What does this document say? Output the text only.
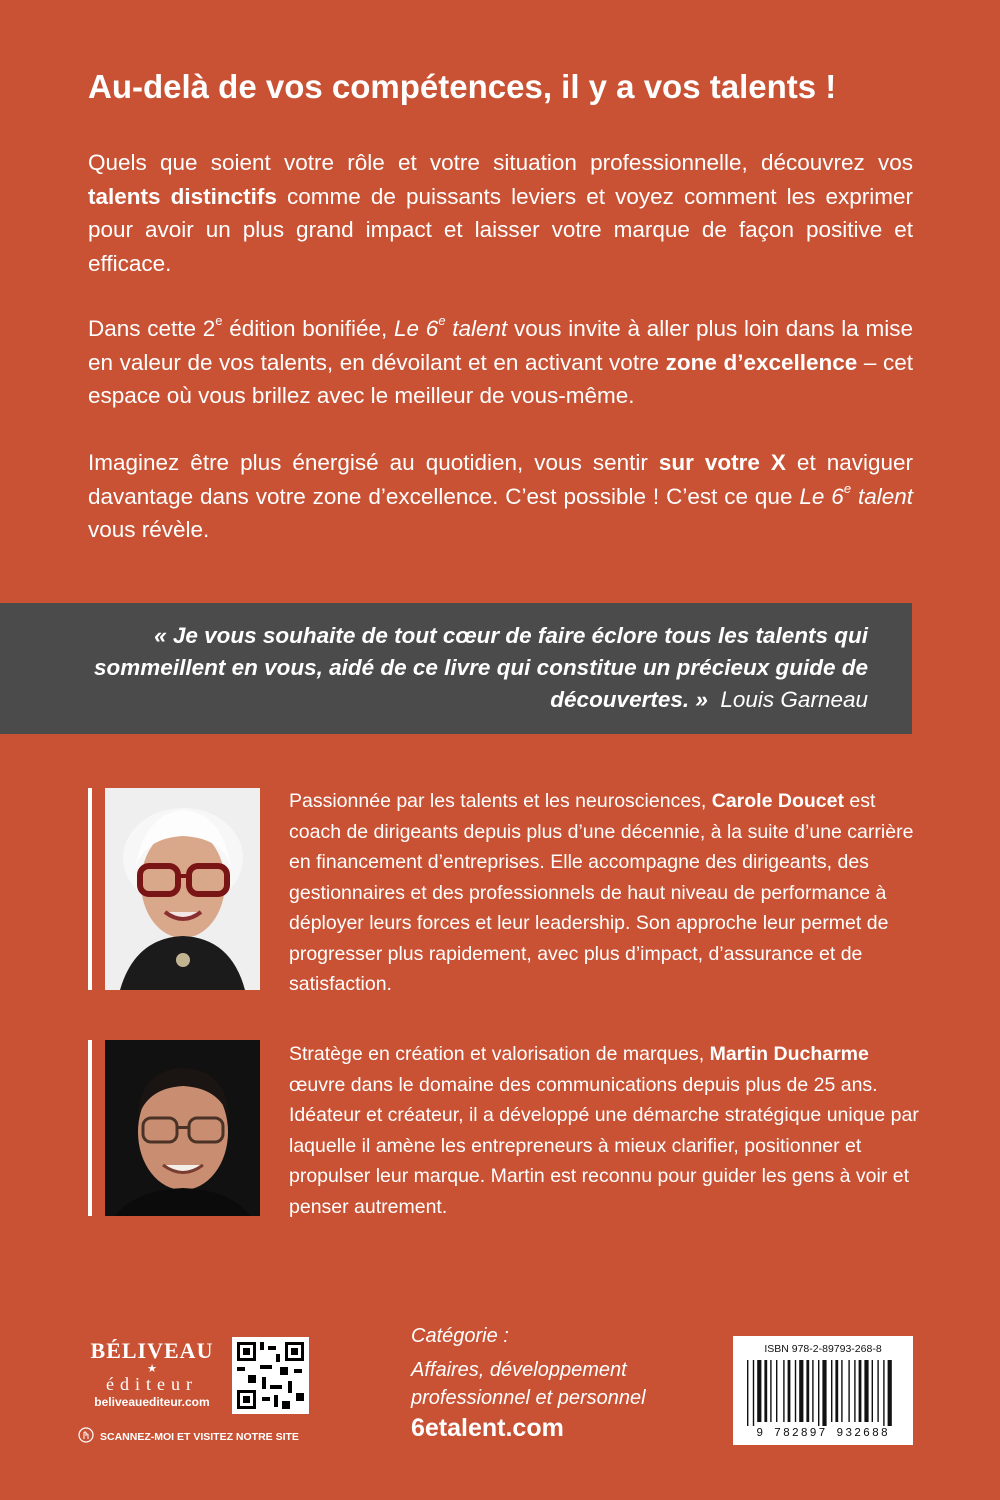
Au-delà de vos compétences, il y a vos talents !

Quels que soient votre rôle et votre situation professionnelle, découvrez vos talents distinctifs comme de puissants leviers et voyez comment les exprimer pour avoir un plus grand impact et laisser votre marque de façon positive et efficace.

Dans cette 2e édition bonifiée, Le 6e talent vous invite à aller plus loin dans la mise en valeur de vos talents, en dévoilant et en activant votre zone d’excellence – cet espace où vous brillez avec le meilleur de vous-même.

Imaginez être plus énergisé au quotidien, vous sentir sur votre X et naviguer davantage dans votre zone d’excellence. C’est possible ! C’est ce que Le 6e talent vous révèle.

« Je vous souhaite de tout cœur de faire éclore tous les talents qui sommeillent en vous, aidé de ce livre qui constitue un précieux guide de découvertes. » Louis Garneau

Passionnée par les talents et les neurosciences, Carole Doucet est coach de dirigeants depuis plus d’une décennie, à la suite d’une carrière en financement d’entreprises. Elle accompagne des dirigeants, des gestionnaires et des professionnels de haut niveau de performance à déployer leurs forces et leur leadership. Son approche leur permet de progresser plus rapidement, avec plus d’impact, d’assurance et de satisfaction.

Stratège en création et valorisation de marques, Martin Ducharme œuvre dans le domaine des communications depuis plus de 25 ans. Idéateur et créateur, il a développé une démarche stratégique unique par laquelle il amène les entrepreneurs à mieux clarifier, positionner et propulser leur marque. Martin est reconnu pour guider les gens à voir et penser autrement.

BÉLIVEAU
★
éditeur
beliveauediteur.com
SCANNEZ-MOI ET VISITEZ NOTRE SITE
Catégorie :
Affaires, développement professionnel et personnel
6etalent.com
ISBN 978-2-89793-268-8
9 782897 932688
